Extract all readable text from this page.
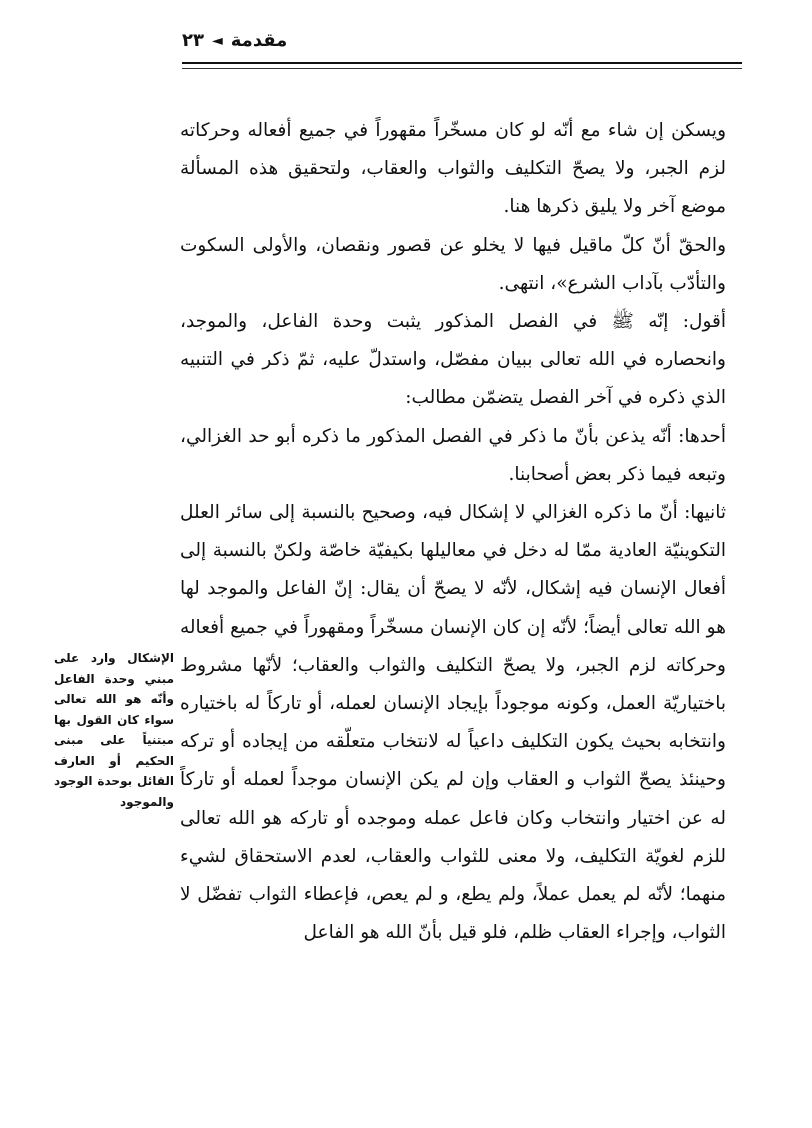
مقدمة
◄
٢٣

ويسكن إن شاء مع أنّه لو كان مسخّراً مقهوراً في جميع أفعاله وحركاته لزم الجبر، ولا يصحّ التكليف والثواب والعقاب، ولتحقيق هذه المسألة موضع آخر ولا يليق ذكرها هنا.

والحقّ أنّ كلّ ماقيل فيها لا يخلو عن قصور ونقصان، والأولى السكوت والتأدّب بآداب الشرع»، انتهى.

أقول: إنّه ﷺ في الفصل المذكور يثبت وحدة الفاعل، والموجد، وانحصاره في الله تعالى ببيان مفصّل، واستدلّ عليه، ثمّ ذكر في التنبيه الذي ذكره في آخر الفصل يتضمّن مطالب:

أحدها: أنّه يذعن بأنّ ما ذكر في الفصل المذكور ما ذكره أبو حد الغزالي، وتبعه فيما ذكر بعض أصحابنا.

ثانيها: أنّ ما ذكره الغزالي لا إشكال فيه، وصحيح بالنسبة إلى سائر العلل التكوينيّة العادية ممّا له دخل في معاليلها بكيفيّة خاصّة ولكنّ بالنسبة إلى أفعال الإنسان فيه إشكال، لأنّه لا يصحّ أن يقال: إنّ الفاعل والموجد لها هو الله تعالى أيضاً؛ لأنّه إن كان الإنسان مسخّراً ومقهوراً في جميع أفعاله وحركاته لزم الجبر، ولا يصحّ التكليف والثواب والعقاب؛ لأنّها مشروط باختياريّة العمل، وكونه موجوداً بإيجاد الإنسان لعمله، أو تاركاً له باختياره وانتخابه بحيث يكون التكليف داعياً له لانتخاب متعلّقه من إيجاده أو تركه وحينئذ يصحّ الثواب و العقاب وإن لم يكن الإنسان موجداً لعمله أو تاركاً له عن اختيار وانتخاب وكان فاعل عمله وموجده أو تاركه هو الله تعالى للزم لغويّة التكليف، ولا معنى للثواب والعقاب، لعدم الاستحقاق لشيء منهما؛ لأنّه لم يعمل عملاً، ولم يطع، و لم يعص، فإعطاء الثواب تفضّل لا الثواب، وإجراء العقاب ظلم، فلو قيل بأنّ الله هو الفاعل

الإشكال وارد على مبني وحدة الفاعل وأنّه هو الله تعالى سواء كان القول بها مبتنياً على مبنى الحكيم أو العارف القائل بوحدة الوجود والموجود
